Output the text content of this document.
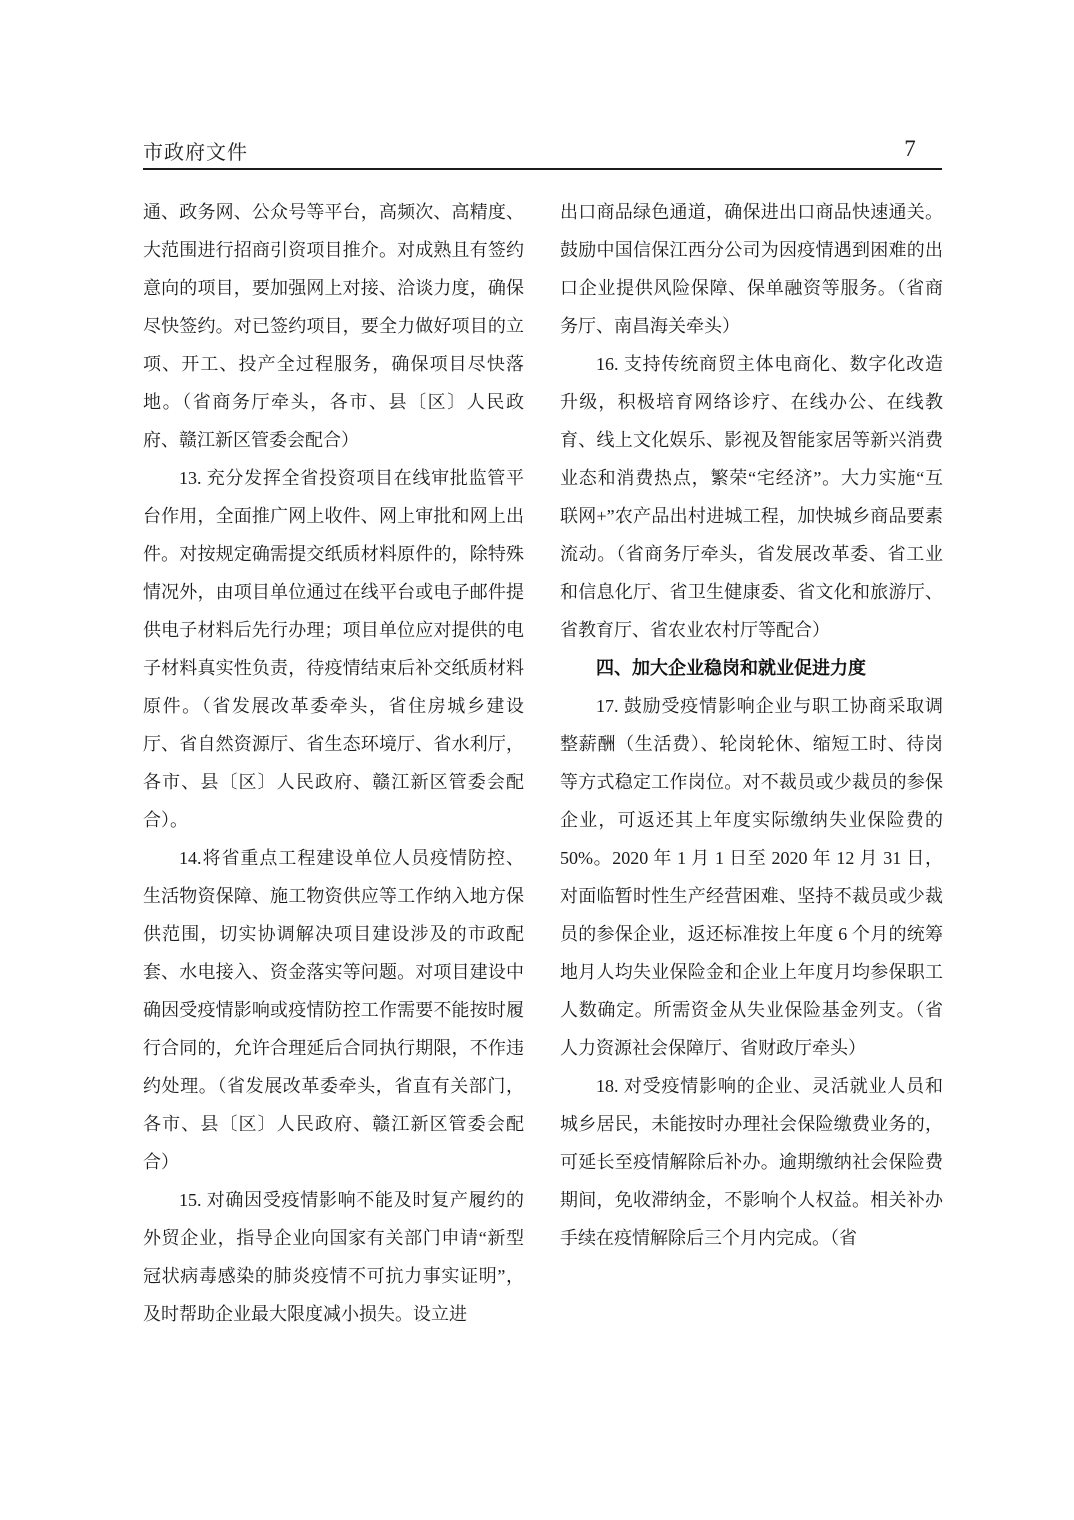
市政府文件	7

通、政务网、公众号等平台，高频次、高精度、大范围进行招商引资项目推介。对成熟且有签约意向的项目，要加强网上对接、洽谈力度，确保尽快签约。对已签约项目，要全力做好项目的立项、开工、投产全过程服务，确保项目尽快落地。（省商务厅牵头，各市、县〔区〕人民政府、赣江新区管委会配合）

13. 充分发挥全省投资项目在线审批监管平台作用，全面推广网上收件、网上审批和网上出件。对按规定确需提交纸质材料原件的，除特殊情况外，由项目单位通过在线平台或电子邮件提供电子材料后先行办理；项目单位应对提供的电子材料真实性负责，待疫情结束后补交纸质材料原件。（省发展改革委牵头，省住房城乡建设厅、省自然资源厅、省生态环境厅、省水利厅，各市、县〔区〕人民政府、赣江新区管委会配合）。

14.将省重点工程建设单位人员疫情防控、生活物资保障、施工物资供应等工作纳入地方保供范围，切实协调解决项目建设涉及的市政配套、水电接入、资金落实等问题。对项目建设中确因受疫情影响或疫情防控工作需要不能按时履行合同的，允许合理延后合同执行期限，不作违约处理。（省发展改革委牵头，省直有关部门，各市、县〔区〕人民政府、赣江新区管委会配合）

15. 对确因受疫情影响不能及时复产履约的外贸企业，指导企业向国家有关部门申请“新型冠状病毒感染的肺炎疫情不可抗力事实证明”，及时帮助企业最大限度减小损失。设立进

出口商品绿色通道，确保进出口商品快速通关。鼓励中国信保江西分公司为因疫情遇到困难的出口企业提供风险保障、保单融资等服务。（省商务厅、南昌海关牵头）

16. 支持传统商贸主体电商化、数字化改造升级，积极培育网络诊疗、在线办公、在线教育、线上文化娱乐、影视及智能家居等新兴消费业态和消费热点，繁荣“宅经济”。大力实施“互联网+”农产品出村进城工程，加快城乡商品要素流动。（省商务厅牵头，省发展改革委、省工业和信息化厅、省卫生健康委、省文化和旅游厅、省教育厅、省农业农村厅等配合）

四、加大企业稳岗和就业促进力度

17. 鼓励受疫情影响企业与职工协商采取调整薪酬（生活费）、轮岗轮休、缩短工时、待岗等方式稳定工作岗位。对不裁员或少裁员的参保企业，可返还其上年度实际缴纳失业保险费的 50%。2020 年 1 月 1 日至 2020 年 12 月 31 日，对面临暂时性生产经营困难、坚持不裁员或少裁员的参保企业，返还标准按上年度 6 个月的统筹地月人均失业保险金和企业上年度月均参保职工人数确定。所需资金从失业保险基金列支。（省人力资源社会保障厅、省财政厅牵头）

18. 对受疫情影响的企业、灵活就业人员和城乡居民，未能按时办理社会保险缴费业务的，可延长至疫情解除后补办。逾期缴纳社会保险费期间，免收滞纳金，不影响个人权益。相关补办手续在疫情解除后三个月内完成。（省
